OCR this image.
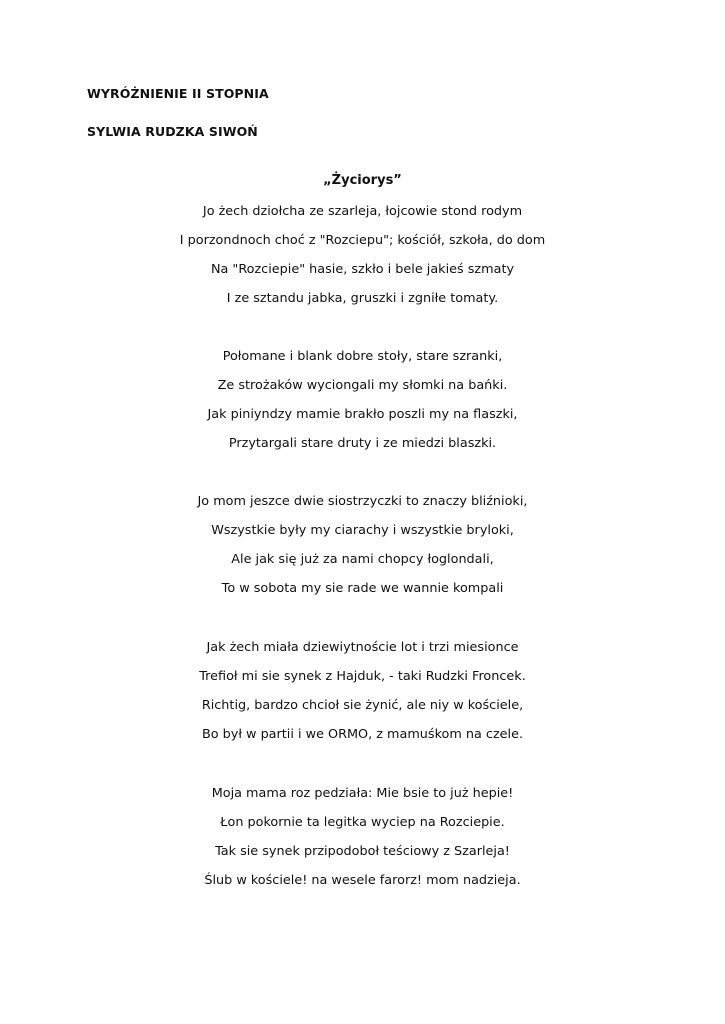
WYRÓŻNIENIE II STOPNIA
SYLWIA RUDZKA SIWOŃ
„Życiorys”
Jo żech dziołcha ze szarleja, łojcowie stond rodym
I porzondnoch choć z "Rozciepu"; kościół, szkoła, do dom
Na "Rozciepie" hasie, szkło i bele jakieś szmaty
I ze sztandu jabka, gruszki i zgniłe tomaty.
Połomane i blank dobre stoły, stare szranki,
Ze strożaków wyciongali my słomki na bańki.
Jak piniyndzy mamie brakło poszli my na flaszki,
Przytargali stare druty i ze miedzi blaszki.
Jo mom jeszce dwie siostrzyczki to znaczy bliźnioki,
Wszystkie były my ciarachy i wszystkie bryloki,
Ale jak się już za nami chopcy łoglondali,
To w sobota my sie rade we wannie kompali
Jak żech miała dziewiytnoście lot i trzi miesionce
Trefioł mi sie synek z Hajduk, - taki Rudzki Froncek.
Richtig, bardzo chcioł sie żynić, ale niy w kościele,
Bo był w partii i we ORMO, z mamuśkom na czele.
Moja mama roz pedziała: Mie bsie to już hepie!
Łon pokornie ta legitka wyciep na Rozciepie.
Tak sie synek przipodoboł teściowy z Szarleja!
Ślub w kościele! na wesele farorz! mom nadzieja.
